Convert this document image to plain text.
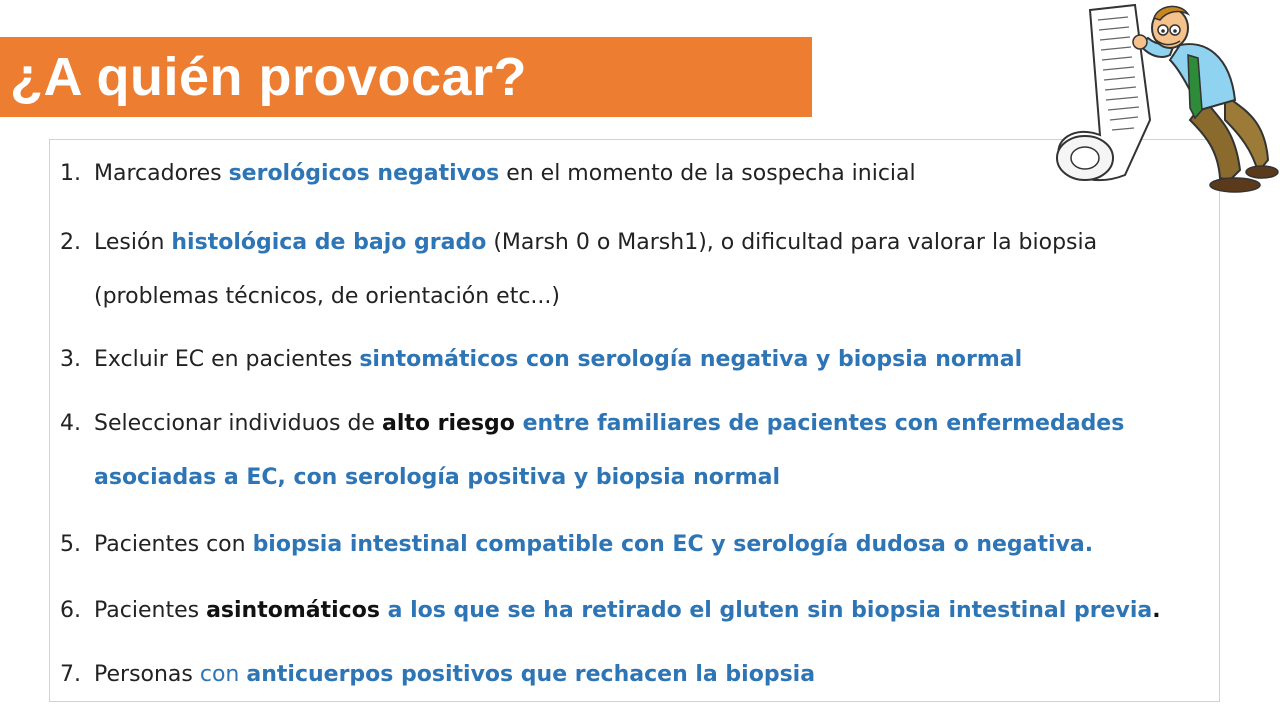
¿A quién provocar?
1. Marcadores serológicos negativos en el momento de la sospecha inicial
2. Lesión histológica de bajo grado (Marsh 0 o Marsh1), o dificultad para valorar la biopsia (problemas técnicos, de orientación etc...)
3. Excluir EC en pacientes sintomáticos con serología negativa y biopsia normal
4. Seleccionar individuos de alto riesgo entre familiares de pacientes con enfermedades asociadas a EC, con serología positiva y biopsia normal
5. Pacientes con biopsia intestinal compatible con EC y serología dudosa o negativa.
6. Pacientes asintomáticos a los que se ha retirado el gluten sin biopsia intestinal previa.
7. Personas con anticuerpos positivos que rechacen la biopsia
